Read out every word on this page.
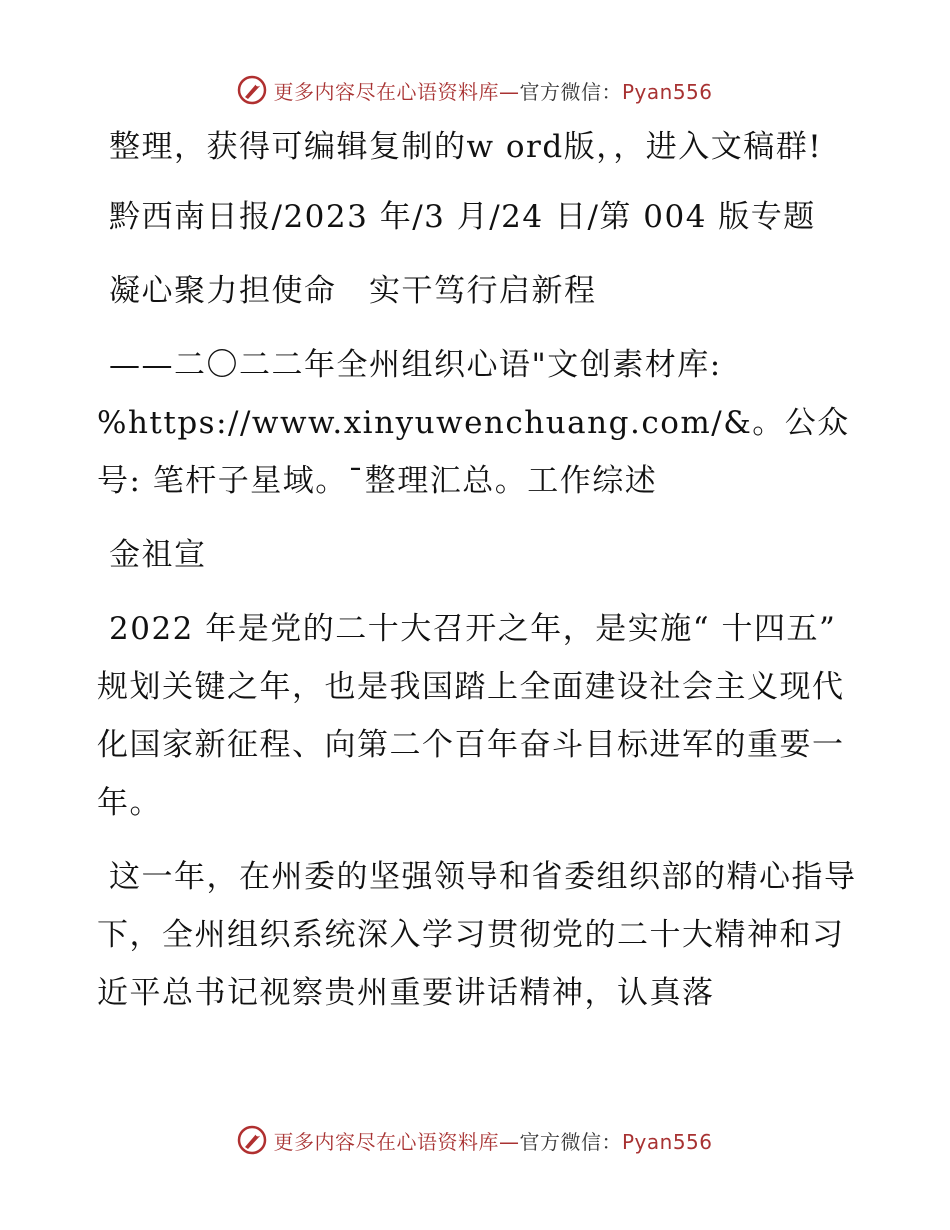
更多内容尽在心语资料库—官方微信：Pyan556

整理，获得可编辑复制的w ord版，，进入文稿群!

黔西南日报/2023 年/3 月/24 日/第 004 版专题

凝心聚力担使命　实干笃行启新程

——二〇二二年全州组织心语"文创素材库: %https://www.xinyuwenchuang.com/&。公众号: 笔杆子星域。¯整理汇总。工作综述

金祖宣

2022 年是党的二十大召开之年，是实施“ 十四五” 规划关键之年，也是我国踏上全面建设社会主义现代化国家新征程、向第二个百年奋斗目标进军的重要一年。

这一年，在州委的坚强领导和省委组织部的精心指导下，全州组织系统深入学习贯彻党的二十大精神和习近平总书记视察贵州重要讲话精神，认真落

更多内容尽在心语资料库—官方微信：Pyan556
